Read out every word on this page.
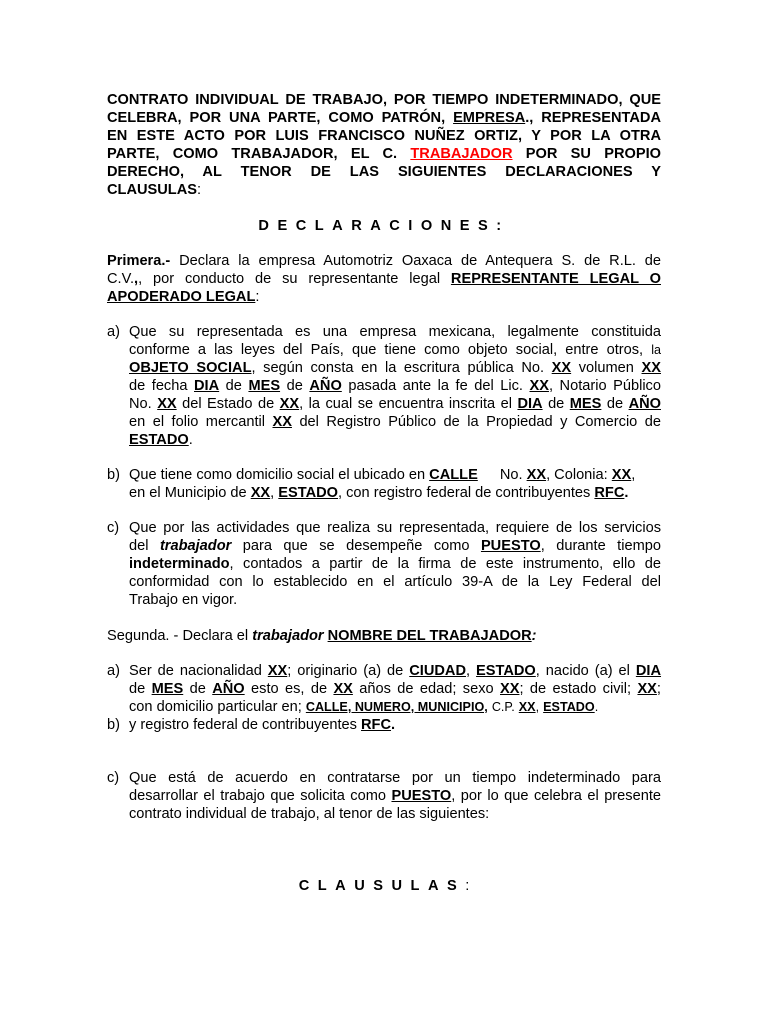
CONTRATO INDIVIDUAL DE TRABAJO, POR TIEMPO INDETERMINADO, QUE
CELEBRA, POR UNA PARTE, COMO PATRÓN, EMPRESA., REPRESENTADA
EN ESTE ACTO POR LUIS FRANCISCO NUÑEZ ORTIZ, Y POR LA OTRA
PARTE, COMO TRABAJADOR, EL C. TRABAJADOR POR SU PROPIO
DERECHO, AL TENOR DE LAS SIGUIENTES DECLARACIONES Y
CLAUSULAS:
DECLARACIONES:
Primera.- Declara la empresa Automotriz Oaxaca de Antequera S. de R.L. de
C.V.,, por conducto de su representante legal REPRESENTANTE LEGAL O
APODERADO LEGAL:
a) Que su representada es una empresa mexicana, legalmente constituida
conforme a las leyes del País, que tiene como objeto social, entre otros, la
OBJETO SOCIAL, según consta en la escritura pública No. XX volumen XX
de fecha DIA de MES de AÑO pasada ante la fe del Lic. XX, Notario Público
No. XX del Estado de XX, la cual se encuentra inscrita el DIA de MES de AÑO
en el folio mercantil XX del Registro Público de la Propiedad y Comercio de
ESTADO.
b) Que tiene como domicilio social el ubicado en CALLE No. XX, Colonia: XX,
en el Municipio de XX, ESTADO, con registro federal de contribuyentes RFC.
c) Que por las actividades que realiza su representada, requiere de los servicios
del trabajador para que se desempeñe como PUESTO, durante tiempo
indeterminado, contados a partir de la firma de este instrumento, ello de
conformidad con lo establecido en el artículo 39-A de la Ley Federal del
Trabajo en vigor.
Segunda. - Declara el trabajador NOMBRE DEL TRABAJADOR:
a) Ser de nacionalidad XX; originario (a) de CIUDAD, ESTADO, nacido (a) el DIA
de MES de AÑO esto es, de XX años de edad; sexo XX; de estado civil; XX;
con domicilio particular en; CALLE, NUMERO, MUNICIPIO, C.P. XX, ESTADO.
b) y registro federal de contribuyentes RFC.
c) Que está de acuerdo en contratarse por un tiempo indeterminado para
desarrollar el trabajo que solicita como PUESTO, por lo que celebra el presente
contrato individual de trabajo, al tenor de las siguientes:
CLAUSULAS:
